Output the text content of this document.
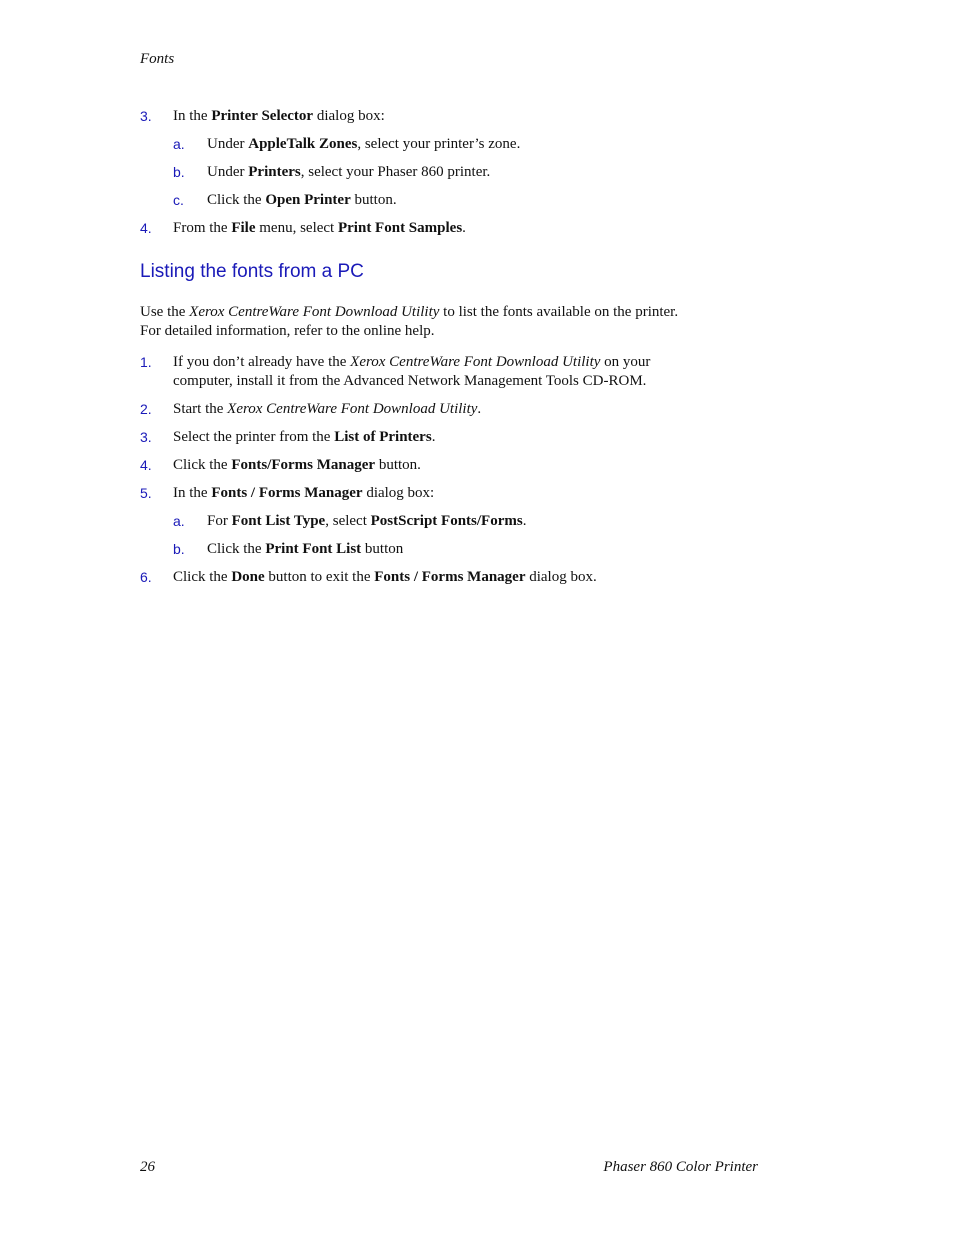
Fonts
3. In the Printer Selector dialog box:
a. Under AppleTalk Zones, select your printer’s zone.
b. Under Printers, select your Phaser 860 printer.
c. Click the Open Printer button.
4. From the File menu, select Print Font Samples.
Listing the fonts from a PC
Use the Xerox CentreWare Font Download Utility to list the fonts available on the printer.
For detailed information, refer to the online help.
1. If you don’t already have the Xerox CentreWare Font Download Utility on your
computer, install it from the Advanced Network Management Tools CD-ROM.
2. Start the Xerox CentreWare Font Download Utility.
3. Select the printer from the List of Printers.
4. Click the Fonts/Forms Manager button.
5. In the Fonts / Forms Manager dialog box:
a. For Font List Type, select PostScript Fonts/Forms.
b. Click the Print Font List button
6. Click the Done button to exit the Fonts / Forms Manager dialog box.
26	Phaser 860 Color Printer
